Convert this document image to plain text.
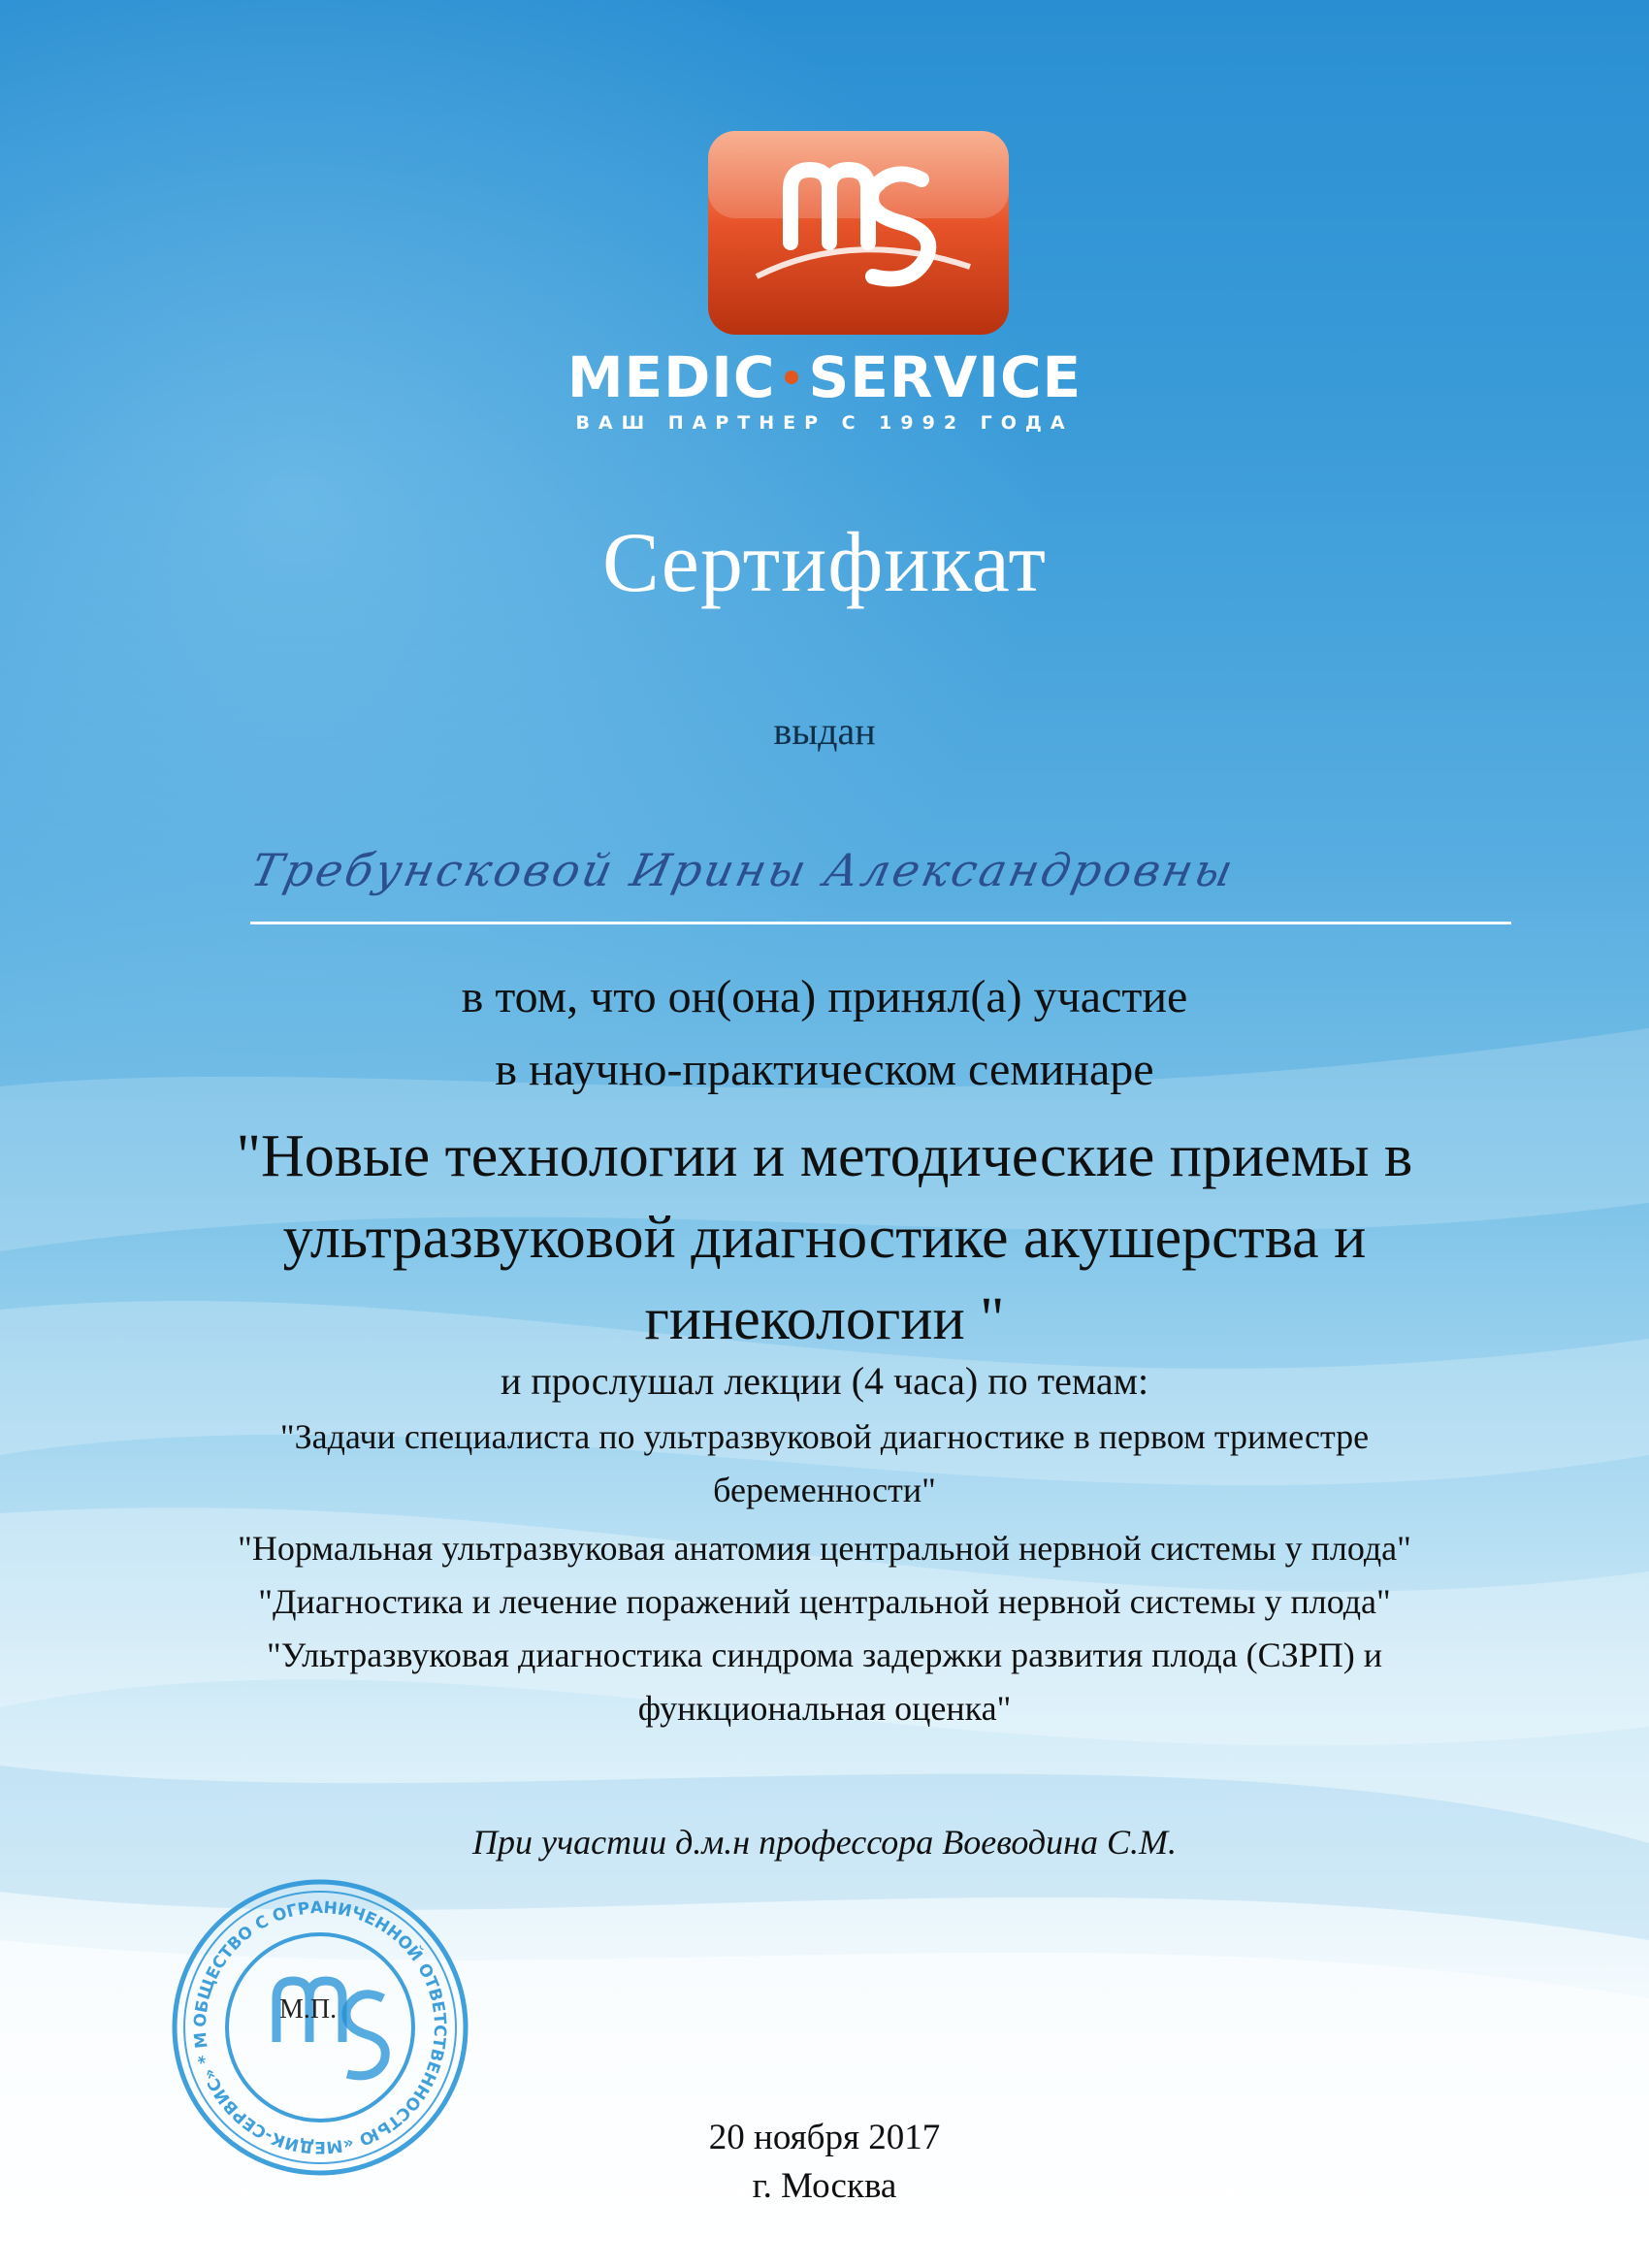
MEDIC SERVICE
ВАШ ПАРТНЕР С 1992 ГОДА
Сертификат
выдан
Требунсковой Ирины Александровны
в том, что он(она) принял(а) участие
в научно-практическом семинаре
"Новые технологии и методические приемы в
ультразвуковой диагностике акушерства и
гинекологии "
и прослушал лекции (4 часа) по темам:
"Задачи специалиста по ультразвуковой диагностике в первом триместре
беременности"
"Нормальная ультразвуковая анатомия центральной нервной системы у плода"
"Диагностика и лечение поражений центральной нервной системы у плода"
"Ультразвуковая диагностика синдрома задержки развития плода (СЗРП) и
функциональная оценка"
При участии д.м.н профессора Воеводина С.М.
ОБЩЕСТВО С ОГРАНИЧЕННОЙ ОТВЕТСТВЕННОСТЬЮ «МЕДИК-СЕРВИС» * М
М.П.
20 ноября 2017
г. Москва
